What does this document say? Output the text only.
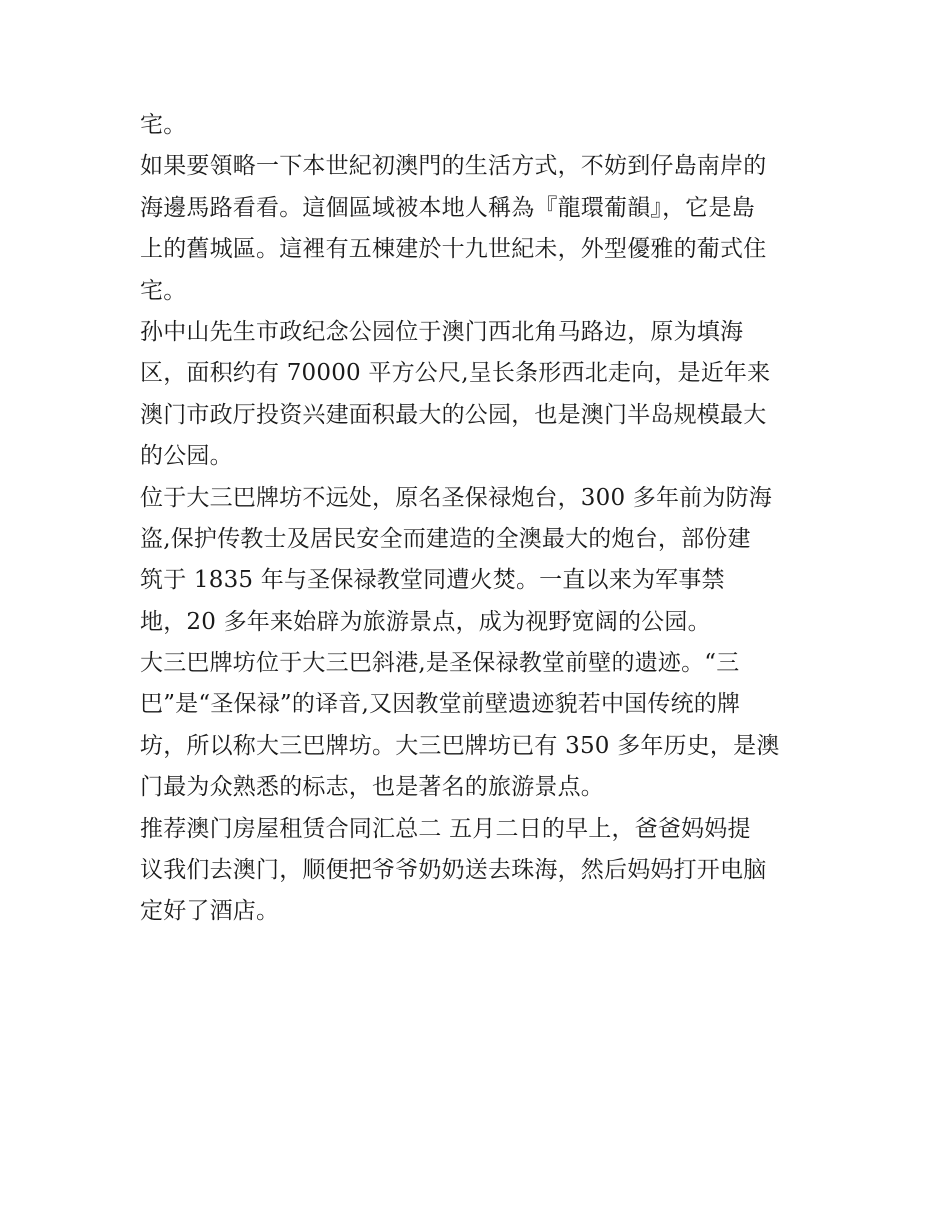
宅。
如果要領略一下本世紀初澳門的生活方式，不妨到仔島南岸的
海邊馬路看看。這個區域被本地人稱為『龍環葡韻』，它是島
上的舊城區。這裡有五棟建於十九世紀未，外型優雅的葡式住
宅。
孙中山先生市政纪念公园位于澳门西北角马路边，原为填海
区，面积约有 70000 平方公尺,呈长条形西北走向，是近年来
澳门市政厅投资兴建面积最大的公园，也是澳门半岛规模最大
的公园。
位于大三巴牌坊不远处，原名圣保禄炮台，300 多年前为防海
盗,保护传教士及居民安全而建造的全澳最大的炮台，部份建
筑于 1835 年与圣保禄教堂同遭火焚。一直以来为军事禁
地，20 多年来始辟为旅游景点，成为视野宽阔的公园。
大三巴牌坊位于大三巴斜港,是圣保禄教堂前壁的遗迹。“三
巴”是“圣保禄”的译音,又因教堂前壁遗迹貌若中国传统的牌
坊，所以称大三巴牌坊。大三巴牌坊已有 350 多年历史，是澳
门最为众熟悉的标志，也是著名的旅游景点。
推荐澳门房屋租赁合同汇总二 五月二日的早上，爸爸妈妈提
议我们去澳门，顺便把爷爷奶奶送去珠海，然后妈妈打开电脑
定好了酒店。
